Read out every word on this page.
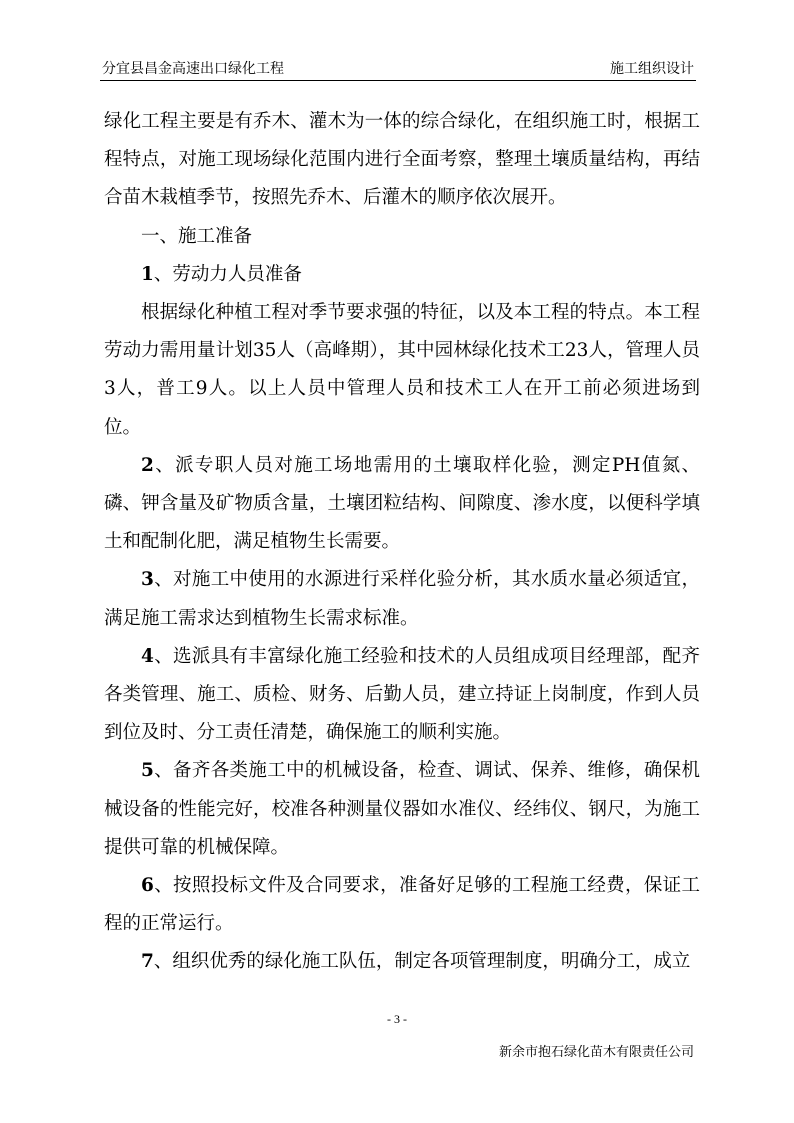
分宜县昌金高速出口绿化工程	施工组织设计

绿化工程主要是有乔木、灌木为一体的综合绿化，在组织施工时，根据工程特点，对施工现场绿化范围内进行全面考察，整理土壤质量结构，再结合苗木栽植季节，按照先乔木、后灌木的顺序依次展开。

一、施工准备

1、劳动力人员准备

根据绿化种植工程对季节要求强的特征，以及本工程的特点。本工程劳动力需用量计划35人（高峰期），其中园林绿化技术工23人，管理人员3人，普工9人。以上人员中管理人员和技术工人在开工前必须进场到位。

2、派专职人员对施工场地需用的土壤取样化验，测定PH值氮、磷、钾含量及矿物质含量，土壤团粒结构、间隙度、渗水度，以便科学填土和配制化肥，满足植物生长需要。

3、对施工中使用的水源进行采样化验分析，其水质水量必须适宜，满足施工需求达到植物生长需求标准。

4、选派具有丰富绿化施工经验和技术的人员组成项目经理部，配齐各类管理、施工、质检、财务、后勤人员，建立持证上岗制度，作到人员到位及时、分工责任清楚，确保施工的顺利实施。

5、备齐各类施工中的机械设备，检查、调试、保养、维修，确保机械设备的性能完好，校准各种测量仪器如水准仪、经纬仪、钢尺，为施工提供可靠的机械保障。

6、按照投标文件及合同要求，准备好足够的工程施工经费，保证工程的正常运行。

7、组织优秀的绿化施工队伍，制定各项管理制度，明确分工，成立

- 3 -
新余市抱石绿化苗木有限责任公司
